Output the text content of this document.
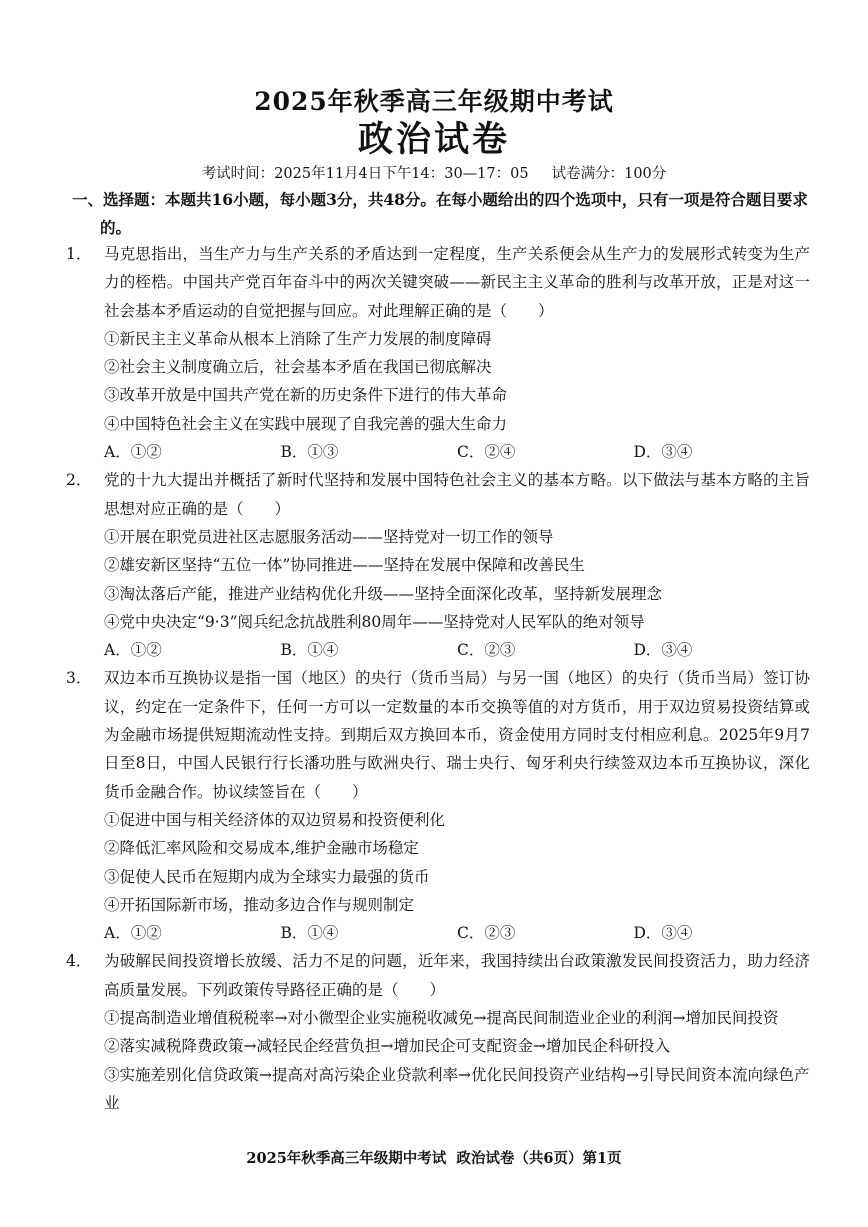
2025年秋季高三年级期中考试
政治试卷
考试时间：2025年11月4日下午14：30—17：05     试卷满分：100分
一、选择题：本题共16小题，每小题3分，共48分。在每小题给出的四个选项中，只有一项是符合题目要求的。
1． 马克思指出，当生产力与生产关系的矛盾达到一定程度，生产关系便会从生产力的发展形式转变为生产力的桎梏。中国共产党百年奋斗中的两次关键突破——新民主主义革命的胜利与改革开放，正是对这一社会基本矛盾运动的自觉把握与回应。对此理解正确的是（　　）
①新民主主义革命从根本上消除了生产力发展的制度障碍
②社会主义制度确立后，社会基本矛盾在我国已彻底解决
③改革开放是中国共产党在新的历史条件下进行的伟大革命
④中国特色社会主义在实践中展现了自我完善的强大生命力
A．①②	B．①③	C．②④	D．③④
2． 党的十九大提出并概括了新时代坚持和发展中国特色社会主义的基本方略。以下做法与基本方略的主旨思想对应正确的是（　　）
①开展在职党员进社区志愿服务活动——坚持党对一切工作的领导
②雄安新区坚持“五位一体”协同推进——坚持在发展中保障和改善民生
③淘汰落后产能，推进产业结构优化升级——坚持全面深化改革，坚持新发展理念
④党中央决定“9·3”阅兵纪念抗战胜利80周年——坚持党对人民军队的绝对领导
A．①②	B．①④	C．②③	D．③④
3． 双边本币互换协议是指一国（地区）的央行（货币当局）与另一国（地区）的央行（货币当局）签订协议，约定在一定条件下，任何一方可以一定数量的本币交换等值的对方货币，用于双边贸易投资结算或为金融市场提供短期流动性支持。到期后双方换回本币，资金使用方同时支付相应利息。2025年9月7日至8日，中国人民银行行长潘功胜与欧洲央行、瑞士央行、匈牙利央行续签双边本币互换协议，深化货币金融合作。协议续签旨在（　　）
①促进中国与相关经济体的双边贸易和投资便利化
②降低汇率风险和交易成本,维护金融市场稳定
③促使人民币在短期内成为全球实力最强的货币
④开拓国际新市场，推动多边合作与规则制定
A．①②	B．①④	C．②③	D．③④
4． 为破解民间投资增长放缓、活力不足的问题，近年来，我国持续出台政策激发民间投资活力，助力经济高质量发展。下列政策传导路径正确的是（　　）
①提高制造业增值税税率→对小微型企业实施税收减免→提高民间制造业企业的利润→增加民间投资
②落实减税降费政策→减轻民企经营负担→增加民企可支配资金→增加民企科研投入
③实施差别化信贷政策→提高对高污染企业贷款利率→优化民间投资产业结构→引导民间资本流向绿色产业
2025年秋季高三年级期中考试  政治试卷（共6页）第1页
